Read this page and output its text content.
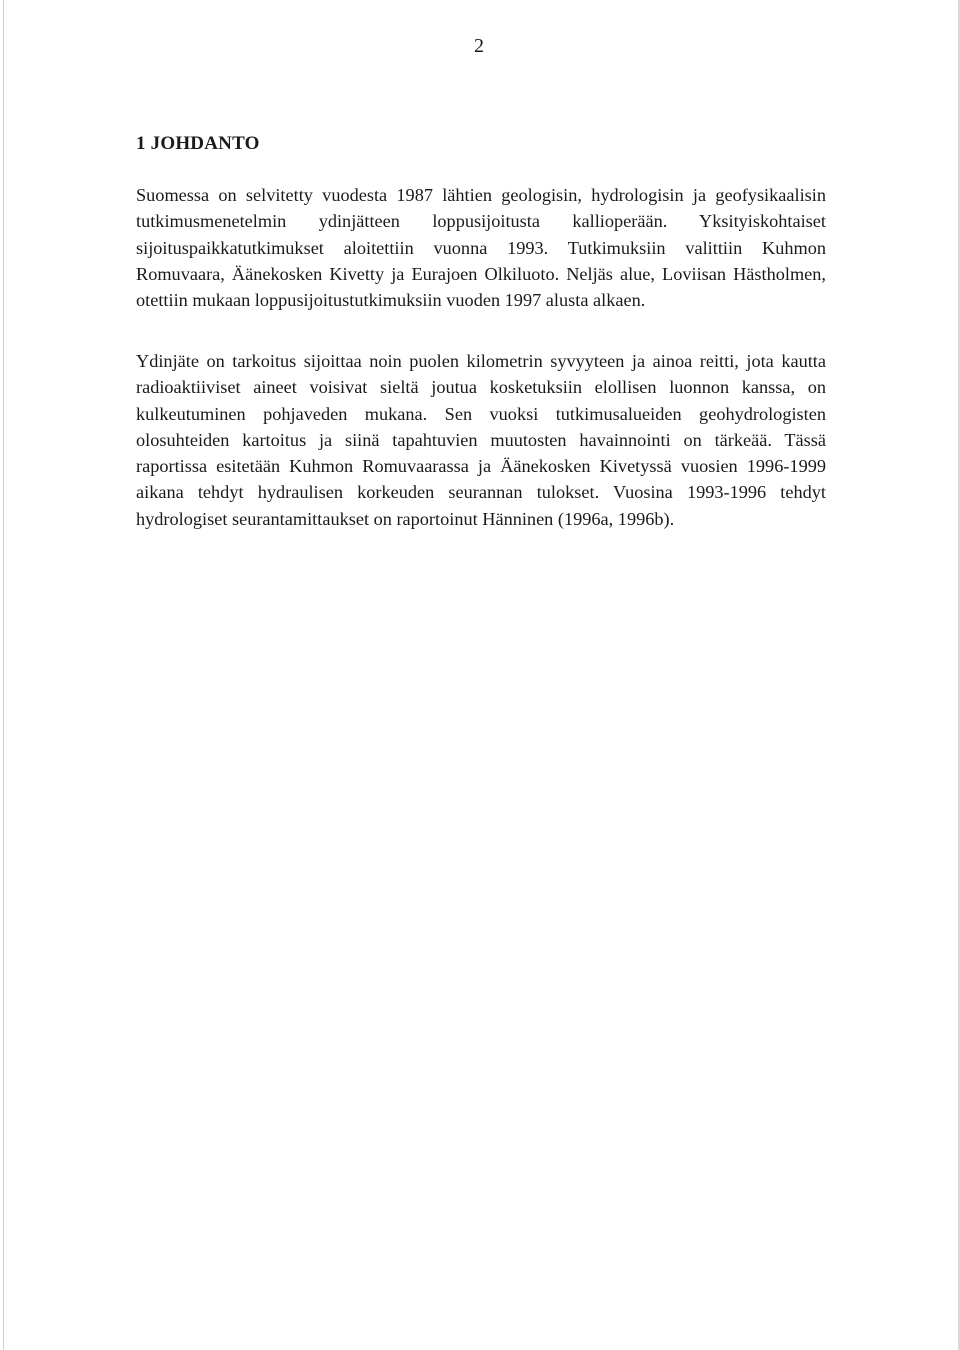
2
1 JOHDANTO

Suomessa on selvitetty vuodesta 1987 lähtien geologisin, hydrologisin ja geofysikaalisin tutkimusmenetelmin ydinjätteen loppusijoitusta kallioperään. Yksityiskohtaiset sijoituspaikkatutkimukset aloitettiin vuonna 1993. Tutkimuksiin valittiin Kuhmon Romuvaara, Äänekosken Kivetty ja Eurajoen Olkiluoto. Neljäs alue, Loviisan Hästholmen, otettiin mukaan loppusijoitustutkimuksiin vuoden 1997 alusta alkaen.

Ydinjäte on tarkoitus sijoittaa noin puolen kilometrin syvyyteen ja ainoa reitti, jota kautta radioaktiiviset aineet voisivat sieltä joutua kosketuksiin elollisen luonnon kanssa, on kulkeutuminen pohjaveden mukana. Sen vuoksi tutkimusalueiden geohydrologisten olosuhteiden kartoitus ja siinä tapahtuvien muutosten havainnointi on tärkeää. Tässä raportissa esitetään Kuhmon Romuvaarassa ja Äänekosken Kivetyssä vuosien 1996-1999 aikana tehdyt hydraulisen korkeuden seurannan tulokset. Vuosina 1993-1996 tehdyt hydrologiset seurantamittaukset on raportoinut Hänninen (1996a, 1996b).
